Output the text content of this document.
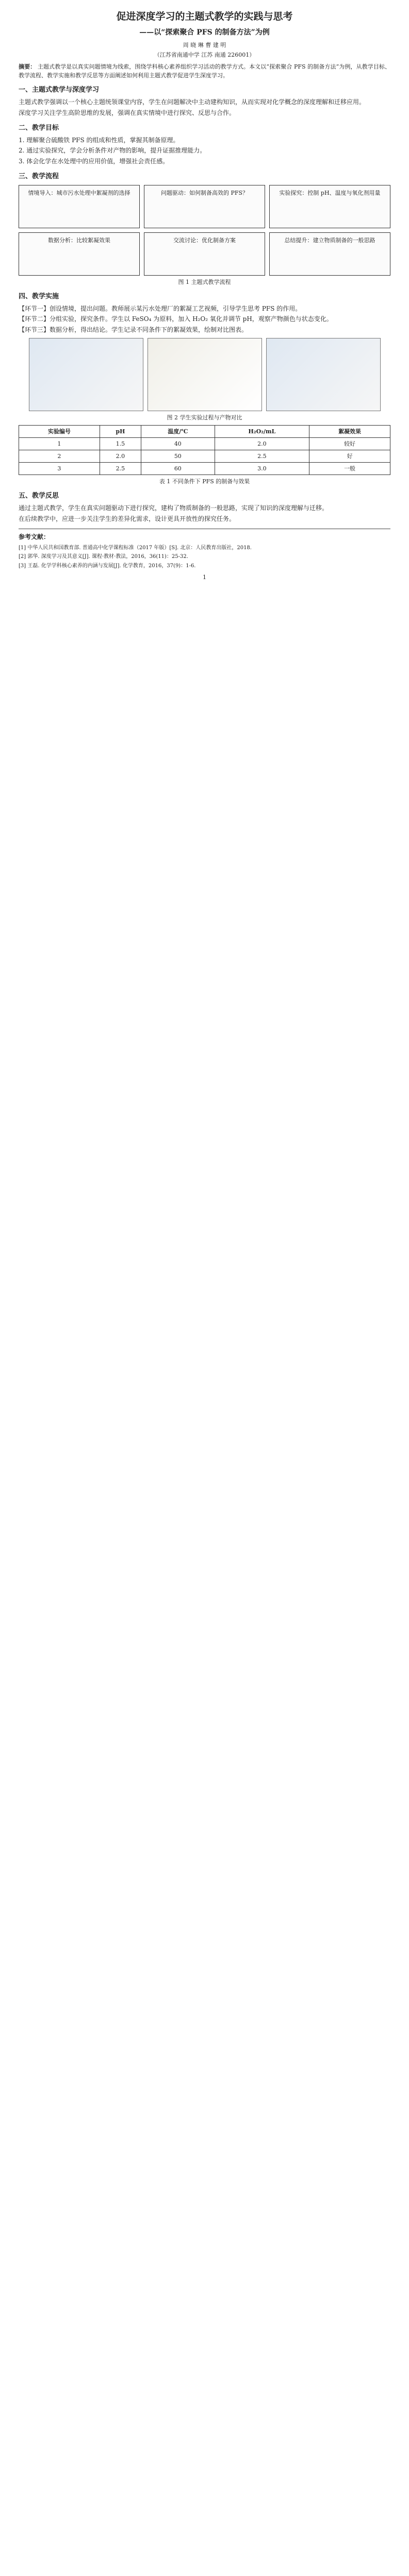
促进深度学习的主题式教学的实践与思考
——以“探索聚合 PFS 的制备方法”为例
周 晓 琳 曹 建 明
（江苏省南通中学 江苏 南通 226001）
摘要： 主题式教学是以真实问题情境为线索，围绕学科核心素养组织学习活动的教学方式。本文以“探索聚合 PFS 的制备方法”为例，从教学目标、教学流程、教学实施和教学反思等方面阐述如何利用主题式教学促进学生深度学习。
一、主题式教学与深度学习

主题式教学强调以一个核心主题统领课堂内容，学生在问题解决中主动建构知识，从而实现对化学概念的深度理解和迁移应用。

深度学习关注学生高阶思维的发展，强调在真实情境中进行探究、反思与合作。

二、教学目标

1. 理解聚合硫酸铁 PFS 的组成和性质，掌握其制备原理。

2. 通过实验探究，学会分析条件对产物的影响，提升证据推理能力。

3. 体会化学在水处理中的应用价值，增强社会责任感。

三、教学流程
情境导入：城市污水处理中絮凝剂的选择	问题驱动：如何制备高效的 PFS？	实验探究：控制 pH、温度与氧化剂用量
数据分析：比较絮凝效果	交流讨论：优化制备方案	总结提升：建立物质制备的一般思路
图 1 主题式教学流程
四、教学实施

【环节一】创设情境，提出问题。教师展示某污水处理厂的絮凝工艺视频，引导学生思考 PFS 的作用。

【环节二】分组实验，探究条件。学生以 FeSO₄ 为原料，加入 H₂O₂ 氧化并调节 pH，观察产物颜色与状态变化。

【环节三】数据分析，得出结论。学生记录不同条件下的絮凝效果，绘制对比图表。

图 2 学生实验过程与产物对比
实验编号	pH	温度/℃	H₂O₂/mL	絮凝效果
1	1.5	40	2.0	较好
2	2.0	50	2.5	好
3	2.5	60	3.0	一般
表 1 不同条件下 PFS 的制备与效果
五、教学反思

通过主题式教学，学生在真实问题驱动下进行探究，建构了物质制备的一般思路，实现了知识的深度理解与迁移。

在后续教学中，应进一步关注学生的差异化需求，设计更具开放性的探究任务。

参考文献：

[1] 中华人民共和国教育部. 普通高中化学课程标准（2017 年版）[S]. 北京：人民教育出版社，2018.

[2] 郭华. 深度学习及其意义[J]. 课程·教材·教法，2016，36(11)：25-32.

[3] 王磊. 化学学科核心素养的内涵与发展[J]. 化学教育，2016，37(9)：1-6.

1
